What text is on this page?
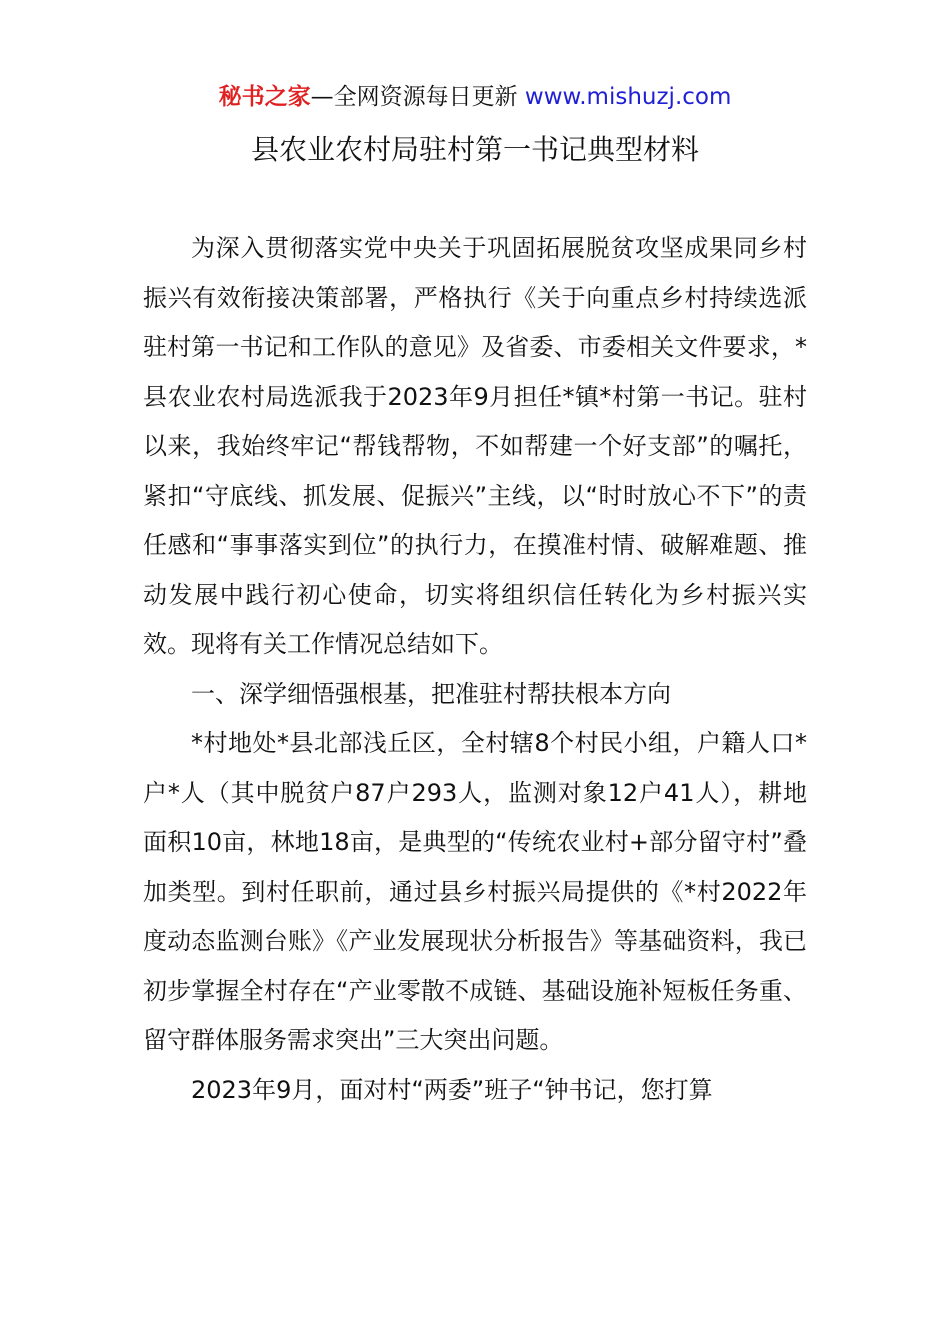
秘书之家—全网资源每日更新 www.mishuzj.com
县农业农村局驻村第一书记典型材料

为深入贯彻落实党中央关于巩固拓展脱贫攻坚成果同乡村振兴有效衔接决策部署，严格执行《关于向重点乡村持续选派驻村第一书记和工作队的意见》及省委、市委相关文件要求，*县农业农村局选派我于2023年9月担任*镇*村第一书记。驻村以来，我始终牢记“帮钱帮物，不如帮建一个好支部”的嘱托，紧扣“守底线、抓发展、促振兴”主线，以“时时放心不下”的责任感和“事事落实到位”的执行力，在摸准村情、破解难题、推动发展中践行初心使命，切实将组织信任转化为乡村振兴实效。现将有关工作情况总结如下。

一、深学细悟强根基，把准驻村帮扶根本方向

*村地处*县北部浅丘区，全村辖8个村民小组，户籍人口*户*人（其中脱贫户87户293人，监测对象12户41人），耕地面积10亩，林地18亩，是典型的“传统农业村+部分留守村”叠加类型。到村任职前，通过县乡村振兴局提供的《*村2022年度动态监测台账》《产业发展现状分析报告》等基础资料，我已初步掌握全村存在“产业零散不成链、基础设施补短板任务重、留守群体服务需求突出”三大突出问题。

2023年9月，面对村“两委”班子“钟书记，您打算
